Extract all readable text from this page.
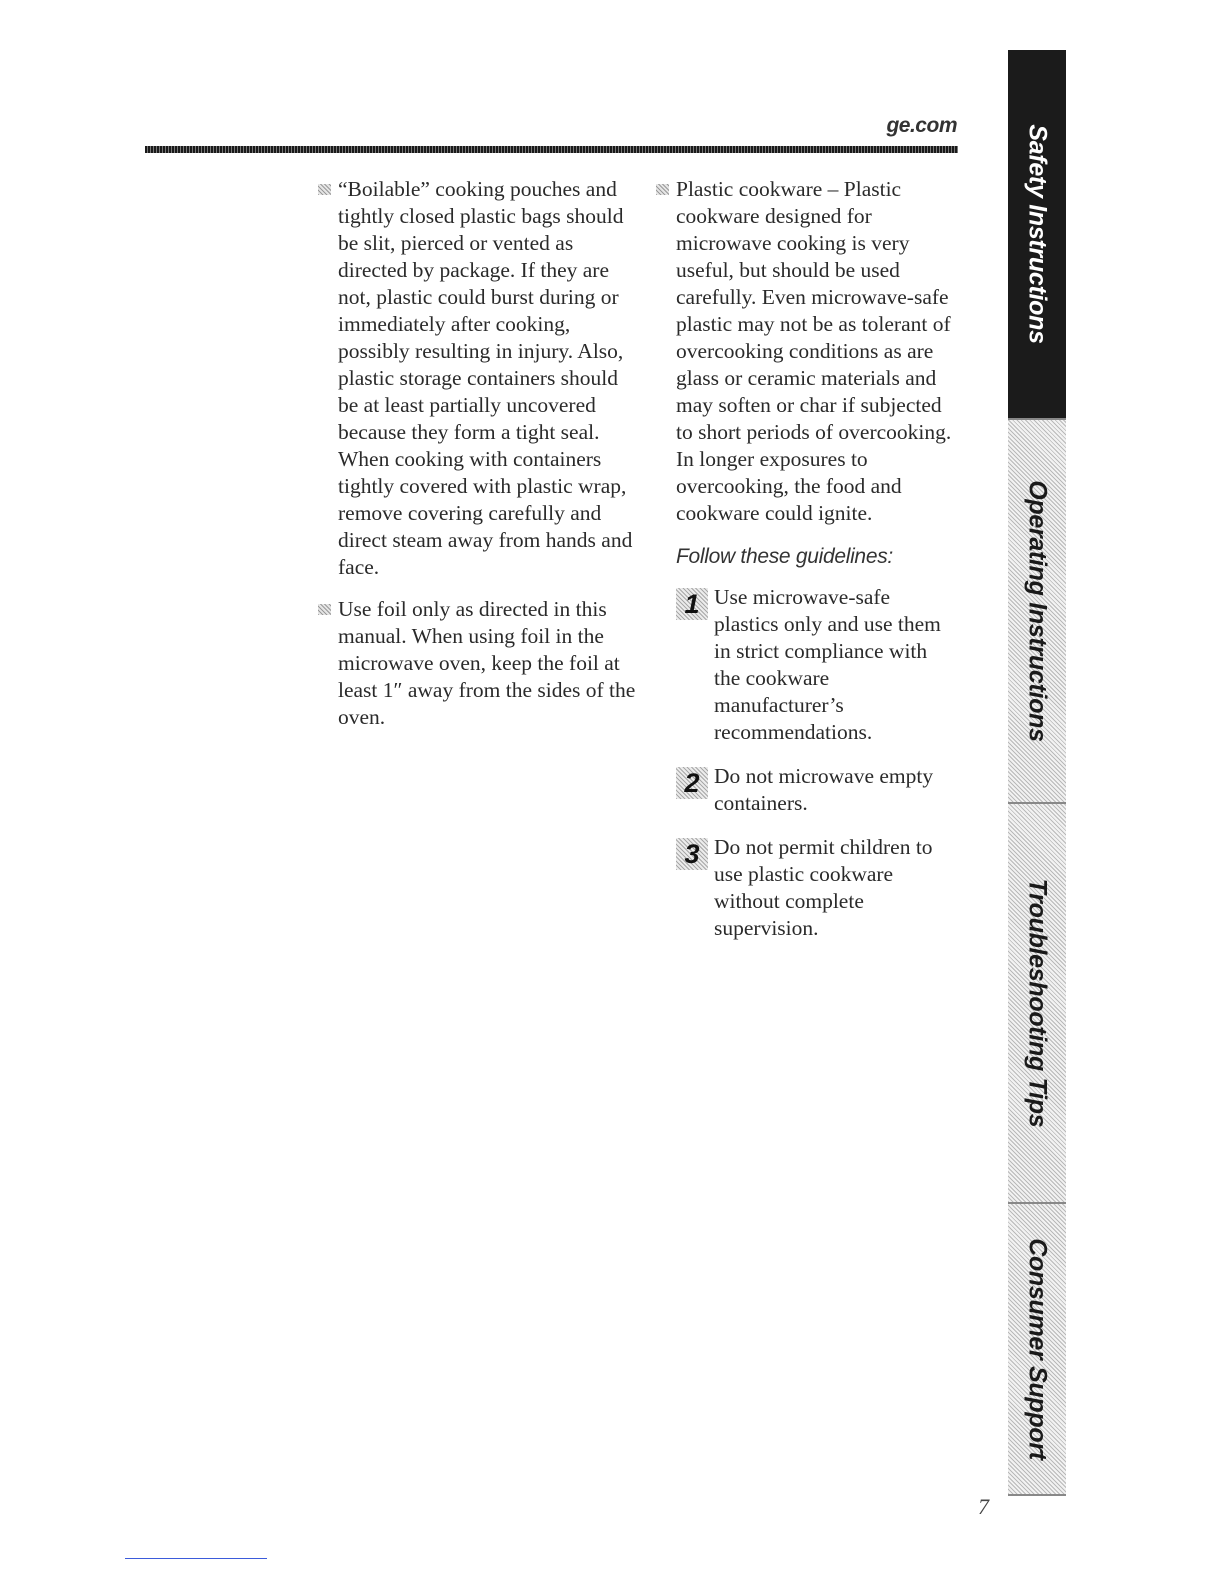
ge.com
“Boilable” cooking pouches and tightly closed plastic bags should be slit, pierced or vented as directed by package. If they are not, plastic could burst during or immediately after cooking, possibly resulting in injury. Also, plastic storage containers should be at least partially uncovered because they form a tight seal. When cooking with containers tightly covered with plastic wrap, remove covering carefully and direct steam away from hands and face.
Use foil only as directed in this manual. When using foil in the microwave oven, keep the foil at least 1″ away from the sides of the oven.
Plastic cookware – Plastic cookware designed for microwave cooking is very useful, but should be used carefully. Even microwave-safe plastic may not be as tolerant of overcooking conditions as are glass or ceramic materials and may soften or char if subjected to short periods of overcooking. In longer exposures to overcooking, the food and cookware could ignite.
Follow these guidelines:
1 Use microwave-safe plastics only and use them in strict compliance with the cookware manufacturer’s recommendations.
2 Do not microwave empty containers.
3 Do not permit children to use plastic cookware without complete supervision.
Safety Instructions
Operating Instructions
Troubleshooting Tips
Consumer Support
7
